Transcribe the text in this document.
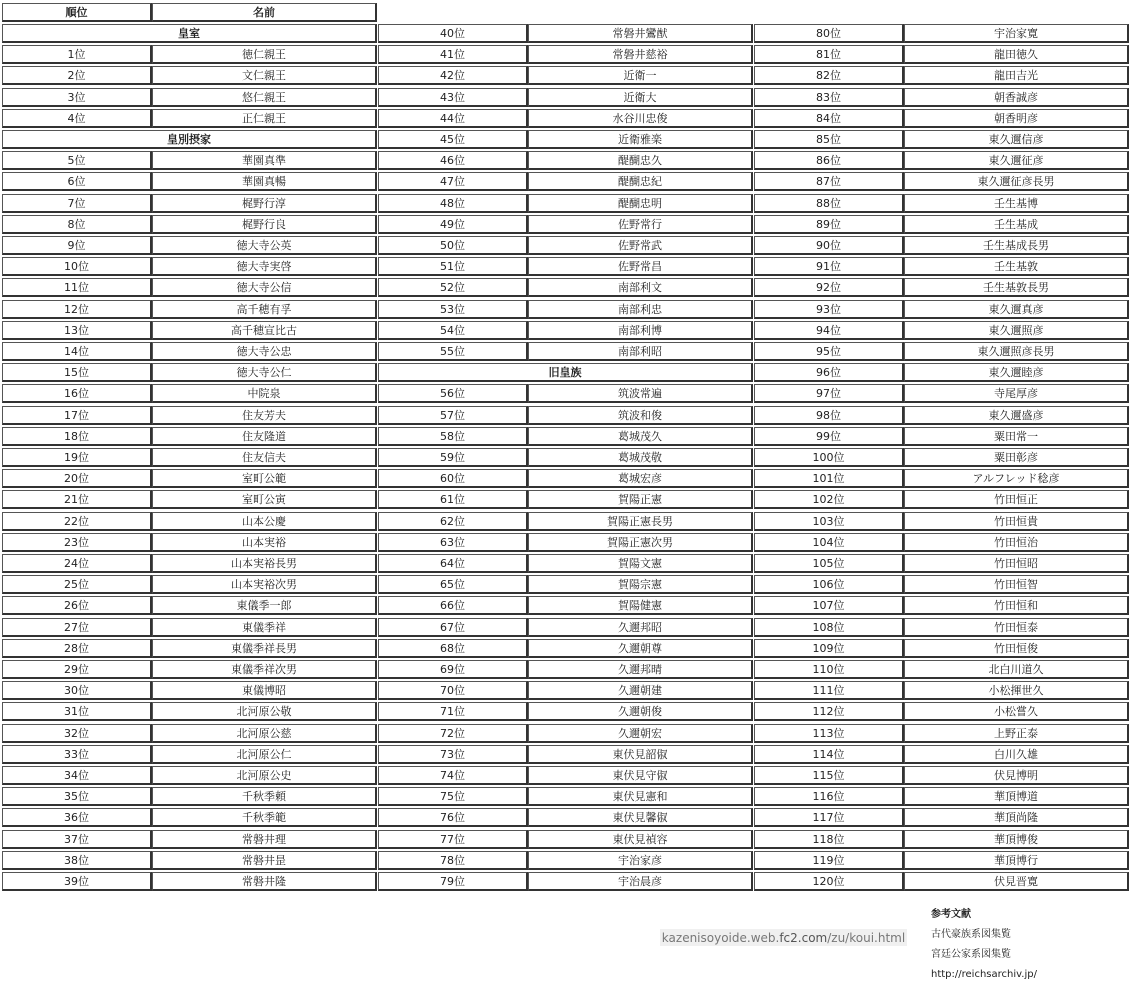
順位	名前
皇室
1位	徳仁親王
2位	文仁親王
3位	悠仁親王
4位	正仁親王
皇別摂家
5位	華園真準
6位	華園真暢
7位	梶野行淳
8位	梶野行良
9位	徳大寺公英
10位	徳大寺実啓
11位	徳大寺公信
12位	高千穂有孚
13位	高千穂宣比古
14位	徳大寺公忠
15位	徳大寺公仁
16位	中院泉
17位	住友芳夫
18位	住友隆道
19位	住友信夫
20位	室町公範
21位	室町公寅
22位	山本公慶
23位	山本実裕
24位	山本実裕長男
25位	山本実裕次男
26位	東儀季一郎
27位	東儀季祥
28位	東儀季祥長男
29位	東儀季祥次男
30位	東儀博昭
31位	北河原公敬
32位	北河原公慈
33位	北河原公仁
34位	北河原公史
35位	千秋季頼
36位	千秋季範
37位	常磐井理
38位	常磐井昰
39位	常磐井隆
40位	常磐井鸞猷
41位	常磐井慈裕
42位	近衛一
43位	近衛大
44位	水谷川忠俊
45位	近衛雅楽
46位	醍醐忠久
47位	醍醐忠紀
48位	醍醐忠明
49位	佐野常行
50位	佐野常武
51位	佐野常昌
52位	南部利文
53位	南部利忠
54位	南部利博
55位	南部利昭
旧皇族
56位	筑波常遍
57位	筑波和俊
58位	葛城茂久
59位	葛城茂敬
60位	葛城宏彦
61位	賀陽正憲
62位	賀陽正憲長男
63位	賀陽正憲次男
64位	賀陽文憲
65位	賀陽宗憲
66位	賀陽健憲
67位	久邇邦昭
68位	久邇朝尊
69位	久邇邦晴
70位	久邇朝建
71位	久邇朝俊
72位	久邇朝宏
73位	東伏見韶俶
74位	東伏見守俶
75位	東伏見憲和
76位	東伏見馨俶
77位	東伏見禎容
78位	宇治家彦
79位	宇治晨彦
80位	宇治家寛
81位	龍田徳久
82位	龍田吉光
83位	朝香誠彦
84位	朝香明彦
85位	東久邇信彦
86位	東久邇征彦
87位	東久邇征彦長男
88位	壬生基博
89位	壬生基成
90位	壬生基成長男
91位	壬生基敦
92位	壬生基敦長男
93位	東久邇真彦
94位	東久邇照彦
95位	東久邇照彦長男
96位	東久邇睦彦
97位	寺尾厚彦
98位	東久邇盛彦
99位	粟田常一
100位	粟田彰彦
101位	アルフレッド稔彦
102位	竹田恒正
103位	竹田恒貴
104位	竹田恒治
105位	竹田恒昭
106位	竹田恒智
107位	竹田恒和
108位	竹田恒泰
109位	竹田恒俊
110位	北白川道久
111位	小松揮世久
112位	小松嘗久
113位	上野正泰
114位	白川久雄
115位	伏見博明
116位	華頂博道
117位	華頂尚隆
118位	華頂博俊
119位	華頂博行
120位	伏見晋寛
kazenisoyoide.web. fc2.com /zu/koui.html
参考文献
古代豪族系図集覧
宮廷公家系図集覧
http://reichsarchiv.jp/
